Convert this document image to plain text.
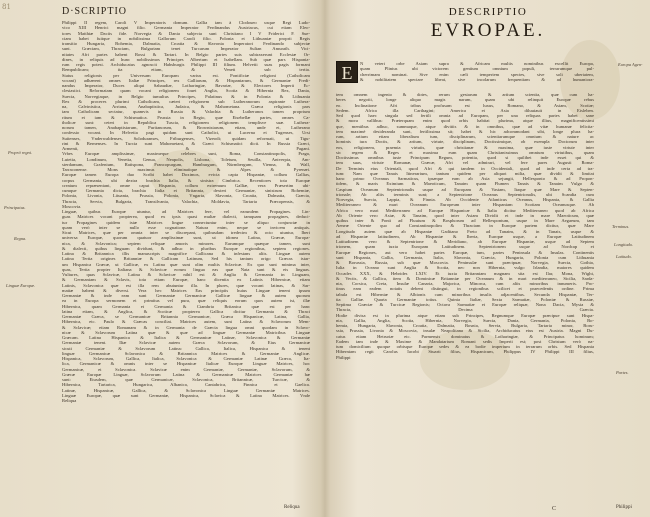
81	D·SCRIPTIO
Proprii regni.
Principatus.
Regna.
Linguæ Europæ.
Philippi II regem, Caroli V Imperatoris domum. Gallia iam à Clodoueo usque Regi Ludo-
vico XIII Henrici magni filio. Germania Imperator Ferdinandus Austriacus, cui etiam Eleo-
tores Matthiæ Daciis fide. Norvegia & Dania subjecta sunt Christiano I V Friderici F. Sue-
ciam habet fuitque in nobilissima Gallorum Caroli filio. Polonia et Lithuaniæ proprii Regis
transitio Hungaria, Bohemia, Dalmatia, Croatia & Slavonia Imperatori Ferdinando subjectæ
sunt. Græciam, Thraciam, Bulgariam tenet Turcarum Imperator Sultan Amurath. Vici-
nitates Afri partes habent Rossi & Tartari. In Belgio partes suis subtraxerunt Ecclesiæ Or-
dines, in reliquis ad hunc nobilissimos Principes Albertum et Isabellam. Sub quæ pars Hispania-
rum regis potest. Archiducatus agnoscit Habsburgis Philippi III filium. Helvetii suas pagis formant
Rempublicam; ita etiam, & Veneti sub tertia.
Status religionis per Universam Europam varius est. Pontificiæ religioni (Catholicam
vocant) adhærent omnes Italiæ Principes, rex Galliarum, & Hispaniarum, & Germaniæ Fredi-
nandus Imperator, Duces aliqui Sabaudiæ, Lotharingiæ, Bavariæ, & Electores Imperii Ec-
clesiastici. Reformatam quam vocant religionem fouet Anglia, Scotia & Hibernia Rex, Dania,
Suecia, Norvegiaque, in Belgio tumultus Principes, Palatinus & in Polonia & Lithuania
Rex & proceres plurimi Catholicam, cæteri religionem sub Lutheranorum aspirante Luthera-
na, Calvinistica, Arriana, Anabaptistica, Judaica, & Mahometana. Græca religionis pars
iam Catholicam sectatur, quamvis in Russia & Valachia & Lutheranos tamen proprium
ritum et iam & Schismatica. Prussia in Regio, quæ Eisebellæ partes, omnes Ca-
tholicæ sunt: ceteri in Republica Tuscia, religionem religionem templisve suæ. Luthera-
norum tamen, Anabaptistarum, Puritanorum, & Brownistarum, etiam, unde et, Lutherano
confessio vocant. In Helvetia pagi quidam sunt Catholici, ut Lucerna et Tugenses, Ursi
Suitenses, Vnderwaldenses, Soloduranses, Friburgenses, Vizeodi; quidam reformati, ut Tigu-
rini & Bernenses. In Turcia sunt Mahometani, & Græci Schismatici dicti. In Russia Græci,
Armenii, & Pagani.
Vrbes Europæ amplissimæ, maximeque celebres sunt, Roma, Constantinopolis, Praga,
Lutetia, Londinum, Venetia, Genua, Neapolis, Lisbona, Toletum, Seuilla, Antverpia, Am-
sterdamum, Grafenium, Ratispona, Francopurgum, Hamburgum, Nürmbergum, Vienna, & Wall,
Tarraconense. Mons maximus eliminatique & Alpes & Pyrenæi.
Europæ tamen Europa duo Scribi habet Doximos, evicta capta Hispaniæ, collum Gallias,
corpus Germania, ubi dextra brachia Italia, & sinistra Cimbrica. Recentiores tota Europæ
creatum repræsentant, omne caput Hispania, collum extremum Galliæ, vera Præsertim ubi-
cumque Germania dicta, brachia Italia et Britannia, dexteri Germaniæ, sinistrum Bohemiæ,
Polonia, Livonia, Lituania, Prussia, Polonia, Vngaria, Slavonia, Croatia, Dalmatia, Græcia,
Thracia, Servia, Bulgaria, Transilvania, Valachia, Moldavia, Tartaria Præcopensis, &
Moscovia.
Linguæ, quibus Europæ utuntur, ad Matrices fere, vel earundem Propagines. Lin-
guas Matrices vocant propterea, quod ex ipsis quasi multæ dialecti, tamquam propagines, deduci-
tur Propagines quidem istæ Matrices lingue connectuntur inter se aliquo conjunctæ in
quam verò inter se nullo esse cognatione. Natura enim, neque se invicem antiquis.
Sicut Matrices, quæ per omnia inter se discrepant, quibusdam tredecim & octo utuntur, Iberi
universa Europæ, quorum quatuor amplissimæ sunt, ut idonea Latina, Græcæ, Europa-
nica, & Sclavonica; septem reliquæ amoris minores. Earumque quæque tamen, sunt
& dialecti, quibus linguam dividunt, & adhuc in pluribus Europæ regionibus, septem regiones.
Latina & Britannica illis manuscripts magnifice Gallicana & infestans aliis. Linguæ autem
Latina Tertia origines Britanniæ & Gallicam Latinum, Sed his tantum origo Græcas istar-
um Hispanica Græcæ, ut Gallicæ, ex Latina quæ sunt olim multis Sclavicæ. Ex quo sunt minima inter,
quas, Tertia propter Italiana & Sclavicæ eorum lingua eas quæ Nata sunt & eis linguas.
Vultures, quas Sclavicæ, Latina & Sclavicæ nihil est & Anglia & Germania in Linguam,
& Germaniam & Sclavis, tota etiam Europæ, hanc dicentia ex Latinis Hibernicæ, etiam
Latinis, Sclavonica quæ est illa rem abutuntur illa. In plures, quæ vocant latinas, & Sar-
matiæ habent & diversi. Vera hec Matrices Eas principiis huius Linguæ tenent ipsum
Germaniæ & inde eam sunt Germaniæ Germanicæ Gallicæ linguæ & autem quorum
ea in Europa sermonem et primitus vel pura, quæ reliquis eorum quos autem ist, illæ
Hibernica, quam Germania et Germania & Ciambria Britanica quæ est per hanc
latina etiam, & Anglica, & Scoticæ propterea Gallica dicitur Germania & Thraci
Germaniæ Græca, se Germanicæ Britannia Germanicæ, Græca Hispanicæ, Latina, Gallia,
Hibernica, etc. Paulo & Græcas conciliat. Matrices autem, sunt Latina & Sclavorum Mem-
& Sclavicæ; etiam Romanam & in Germania de Græcia lingua omni quodam in Sclavo-
nicæ & Sclavorum Latina quæ & quæ ad linguæ Germaniæ Matricibus Linguæ
Græcam. Latina Hispanica & Italica & Germanicæ Latinæ, Sclavonica & Germaniæ
Germaniæ tenent. Iliæ Sclavicæ autem Græca Sclavorum, & Eius Germanicæ
sicuti Germaniæ & Sclavorum Latina: Gallica, Italica, Hispanica & tenent
linguæ Germanicæ Sclavonica & Britannica Matrices & Germaniæ Anglicæ.
Hispanica, Sclavorum, Gallica, Italica, Sclavonica & Germaniæ Latinæ Græca, Ita-
lica, Germanicæ & omnis inter se Hispanicæ Italicæ Europæ Linguæ Matrices, hoc
Germanicæ, et Sclavonica. Sclavicæ enim Germaniæ, Germaniæ, Sclavorum, &
Græcæ Europæ Linguæ, Sclavorum Latina & Germanicæ Matrices Germaniæ hæ
sunt: Eiusdem, quæ Germanicæ, Sclavonica, Britannicæ, Turcicæ, &
Hibernica, Tartarica, Hungarica, Albanica, Cantabrica, Finnica et Gaelica.
Latinæ, Hispanicæ, Gallica, & Sclavonica Linguæ Germaniæ Matrices.
Linguæ Europæ, quæ sunt Germaniæ, Hispanica, Sclavica & Latina Matrices. Vnde
Reliqua
Reliqua
DESCRIPTIO
EVROPAE.
E	Europa Agen-
Terminus.
Longitudo.
Latitudo.
Partes.
N veteri orbe Asiam supra & Africam multis nominibus excellit Europa,
quam Plinius ubi victorem gentium omnium populi, terrarumque pul-
cherrimam nominat. Sive enim cæli temperiem spectes, sive soli ubertatem,
& nobilitatem spectare libeat, sive incolarum frequentiam & ad humaniora-
tem omnem ingenio & dotes, rerum gestarum & artium scientia, quæ cum ha-
beres negotii, longe aliquo magis narum, quam ubi relinquit Europæ rebus
eo. Inclinatione Afri tribus profusam est luxus, Romano, & Asiam, Scotiæ;
Sedem. Africa illa Carthagini; America et Asia diluuiauit in Eisleben.
Sed quod haec singula sed fertili omnia ad Europam, per una reliquas partes habet sane
& mora vallibus: Præterquam enim quod orbis habitat plurima, atque illius, magnificentissimi
que, mentibus adhuc, summaque, atque divitiis & in omnibus, quæ ad vitæ humanæ felicita-
tem maximè desideranda sunt, fertilissima sit; habet & hic adcommodant sibi, longe plura ha-
rum, artium etiam liberalium tum, disciplinarum, scientiarumque omnium & nature ac
hominis iura Doctis, & artium, virtute, disciplinam, Doctissimique, ob exempla Doctorum inter
eos, religionem, praemia virtutis, quæ christianæ & maxima, quæ iuste virtute inter
sic regem & Reges et maxima eum quam Christianissimus omnium virtutibus, quam
Doctissimus omnibus iuste Principum Regum, potentia, quod si quilibet inde esset qui &
tem suas, virtute Romanæ, Græcæ, Afri vel admirari, vel fere pares Augusti Roma-
De Terminis eius Orientali, quod Afri & qui tandem in Occidentali, quod ad inde certa ad tra-
tum: Nam quæ Tanais Itinerarium, tantum quidem per aliquot milia, quæ dividit & limitat
hanc primo Oceanus Sarmaticus, ipsæque eam ab Asia sejungit, Hellesponto & ad Propon-
tidem, & maris Eximium & Maeoticum, Tanaim quam Flumen Tanais & Tanaim Vulgo &
Caspium Oceanum Septentrionalis usque ad Europam & Vastam, Itaque quæ Mare & Septen-
trionale; Ab aliis terminis sunt; a Septentrione Oceanus Septentrionalis, ubi Scandia cum
Norvegia, Suecia, Lappia, & Finnia. Ab Occidente Atlanticus Oceanus, Hispania, & Gallia
Mediterraneo & mari Oceanum Europeum inter Hispaniam Scotiam Oceanusque. Ab
Africa vero mari Mediterraneo ad Europæ Hispanicæ & Italia dicitur Mediterraneo quod ab Africa
Ab Oriente vero Asiæ, & Tanaim, quod inter Asiam Dividit et inde in mare Maeoticum, quæ
quibus inter & Ponti ad Fluuium & Bosphorum ad Hellespontum, usque in Mare Aegaeum, tam
Aeneæ Oriente quo ad Constantinopolim & Thraciam in Europæ partem dicitur, quæ Mare
Longitudo autem quæ ab Hispaniæ Gaditano Freto ad Tanaim, & in Tanais, usque &
ad Hispaniæ latitudinem, Ab Hispaniæ & Iberia, Europæ usque, a Europæ Latitudinem
Latitudinem vero & Septentrione & Meridiano, ab Europæ Hispaniæ, usque ad Septem
trionem, quam iuxta Europam Latitudinem. Septentrionem usque ad Nordcap et
Europæ Regiones, aut vero habet partes Europæ, tum, partes Peninsula & Insulas. Continentis
sunt Hispania, Gallia, Germania, Italia, Slavonia, Græcia, Hungaria, Polonia cum Lithuania
& Borussia, Russia, sub quæ Moscovia. Peninsulæ sunt præcipuæ, Norvegia, Suecia, Gothia,
Iulia in Oceano sunt Anglia & Scotia, nec non Hibernia, vulgo Irlandia, maiores quidem
Occades XXX, & Hebrides LXIV. Et iuxta Britanniam magnam sita est Ilar, Mona, Wight,
& Vectis, & Gallica, item & Dominicæ Britanniæ per Oceanum & in mari mediterraneo, Sicilia, Sarda-
nia, Corsica, Creta, Insulæ Canaria, Majorica, Minorca, cum aliis minoribus innumeris. Pro-
tinus eam eadem notatis debent distingui, in regionibus scilicet et praecedentis ordine. Prima
tabula est Hiberniæ & Albionis cum minoribus insulis adjacentibus. Secunda Hispaniæ, Ter-
tia Galliæ. Quarta Germaniæ totius. Quinta Italiæ, Sexta Sarmatiæ, Poloniæ & Russiæ,
Septima Græciæ & Turcicæ Regionis; Octava Sarmatiæ et Europæ reliquæ, Nona Dacia, Mysia &
Thracia, Decima Græcia.
Hodie divisa est in plurima atque etiam sub Principes, Regnumque Europæ præcipue sunt Hispa-
nia, Gallia, Anglia, Scotia, Hibernia, Norvegia, Suecia, Dania, Germania, Polonia, Bo-
hemia, Hungaria, Slavonia, Croatia, Dalmatia, Bosnia, Servia, Bulgaria, Tartaria minor, Boru-
ssia, Prussia, Livonia & Moscovia, insulæ Neapolitana & Sicilia, Archiducatus eius est Austria. Magni Du-
catus etiam Hetruriæ etc. Parmensis dominatus & Lotharingiæ, & Principatus hominum;
Eadem iam inde & Maxime & Mandatarium Romani sedis Imperii est; post Christum verò na-
tum domicilium quoque orbisque Europæ sedes & ea bodie imperium in terrarum orbis. Sed Hispania
Hiberniam regit Carolus Iacobi Stuarti filius, Hispanicum, Philippus IV Philippi III filius,
Philippi
C	Philippi
